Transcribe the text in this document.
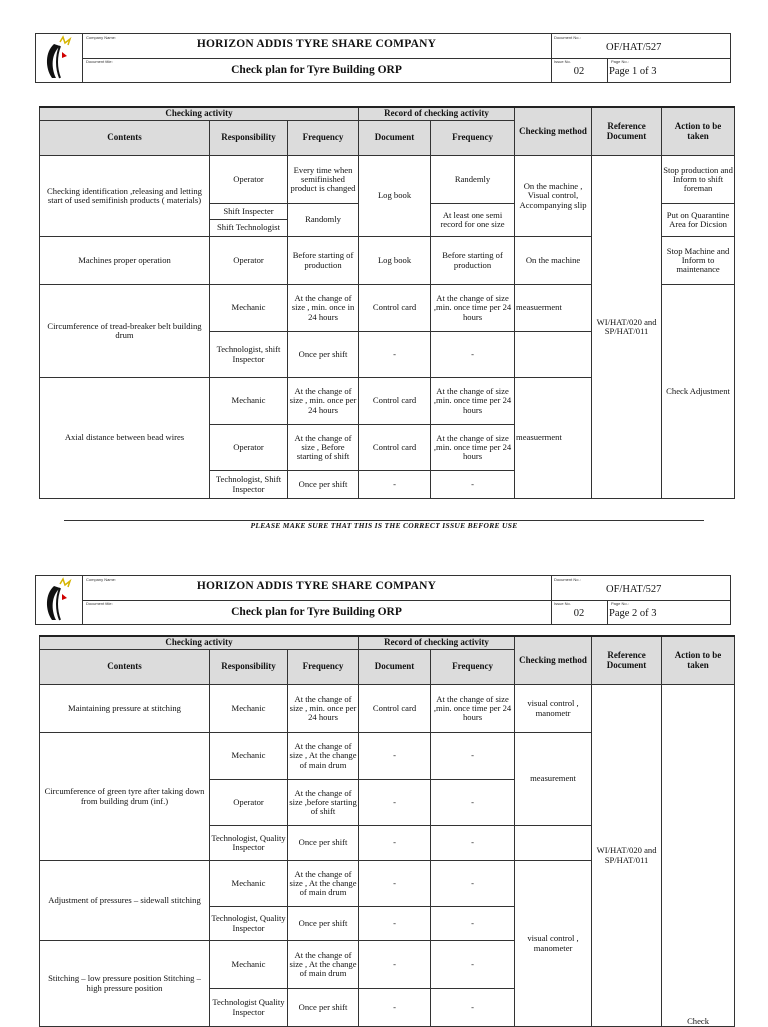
Company Name:
HORIZON ADDIS TYRE SHARE COMPANY
Document title:
Check plan for Tyre Building ORP
Document No.:
OF/HAT/527
Issue No.
02
Page No.:
Page 1 of 3
Checking activity			Record of checking activity		Checking method	Reference Document	Action to be taken
Contents	Responsibility	Frequency	Document	Frequency			
Checking identification ,releasing and letting start of used semifinish products ( materials)	Operator	Every time when semifinished product is changed	Log book	Randemly	On the machine , Visual control, Accompanying slip	WI/HAT/020 and SP/HAT/011	Stop production and Inform to shift foreman
	Shift Inspecter	Randomly		At least one semi record for one size			Put on Quarantine Area for Dicsion
	Shift Technologist						
Machines proper operation	Operator	Before starting of production	Log book	Before starting of production	On the machine		Stop Machine and Inform to maintenance
Circumference of tread-breaker belt building drum	Mechanic	At the change of size , min. once in 24 hours	Control card	At the change of size ,min. once time per 24 hours	measuerment		Check Adjustment
	Technologist, shift Inspector	Once per shift	-	-			
Axial distance between bead wires	Mechanic	At the change of size , min. once per 24 hours	Control card	At the change of size ,min. once time per 24 hours	measuerment		
	Operator	At the change of size , Before starting of shift	Control card	At the change of size ,min. once time per 24 hours			
	Technologist, Shift Inspector	Once per shift	-	-			
PLEASE MAKE SURE THAT THIS IS THE CORRECT ISSUE BEFORE USE
Company Name:
HORIZON ADDIS TYRE SHARE COMPANY
Document title:
Check plan for Tyre Building ORP
Document No.:
OF/HAT/527
Issue No.
02
Page No.:
Page 2 of 3
Checking activity			Record of checking activity		Checking method	Reference Document	Action to be taken
Contents	Responsibility	Frequency	Document	Frequency			
Maintaining pressure at stitching	Mechanic	At the change of size , min. once per 24 hours	Control card	At the change of size ,min. once time per 24 hours	visual control , manometr	WI/HAT/020 and SP/HAT/011	Check
Circumference of green tyre after taking down from building drum (inf.)	Mechanic	At the change of size , At the change of main drum	-	-	measurement		
	Operator	At the change of size ,before starting of shift	-	-			
	Technologist, Quality Inspector	Once per shift	-	-			
Adjustment of pressures – sidewall stitching	Mechanic	At the change of size , At the change of main drum	-	-	visual control , manometer		
	Technologist, Quality Inspector	Once per shift	-	-			
Stitching – low pressure position Stitching – high pressure position	Mechanic	At the change of size , At the change of main drum	-	-			
	Technologist Quality Inspector	Once per shift	-	-			
